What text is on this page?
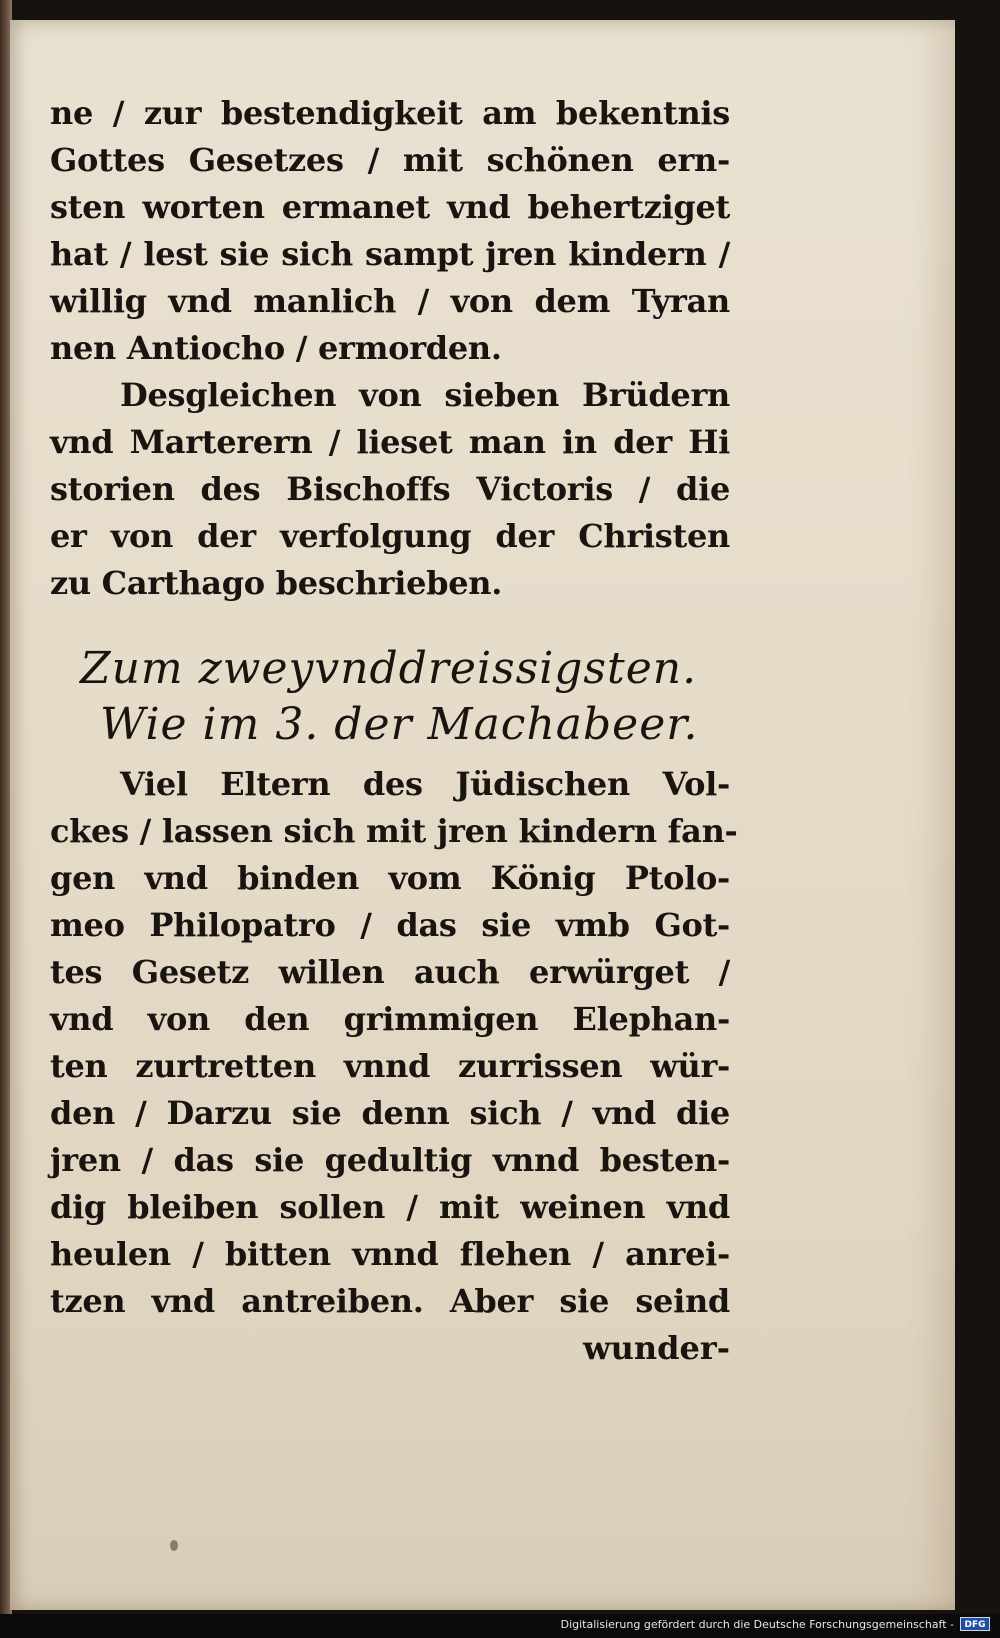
ne / zur bestendigkeit am bekentnis
Gottes Gesetzes / mit schönen ern-
sten worten ermanet vnd behertziget
hat / lest sie sich sampt jren kindern /
willig vnd manlich / von dem Tyran
nen Antiocho / ermorden.
Desgleichen von sieben Brüdern
vnd Marterern / lieset man in der Hi
storien des Bischoffs Victoris / die
er von der verfolgung der Christen
zu Carthago beschrieben.
Zum zweyvnddreissigsten.
Wie im 3. der Machabeer.
Viel Eltern des Jüdischen Vol-
ckes / lassen sich mit jren kindern fan-
gen vnd binden vom König Ptolo-
meo Philopatro / das sie vmb Got-
tes Gesetz willen auch erwürget /
vnd von den grimmigen Elephan-
ten zurtretten vnnd zurrissen wür-
den / Darzu sie denn sich / vnd die
jren / das sie gedultig vnnd besten-
dig bleiben sollen / mit weinen vnd
heulen / bitten vnnd flehen / anrei-
tzen vnd antreiben. Aber sie seind
wunder-
Digitalisierung gefördert durch die Deutsche Forschungsgemeinschaft -	DFG
